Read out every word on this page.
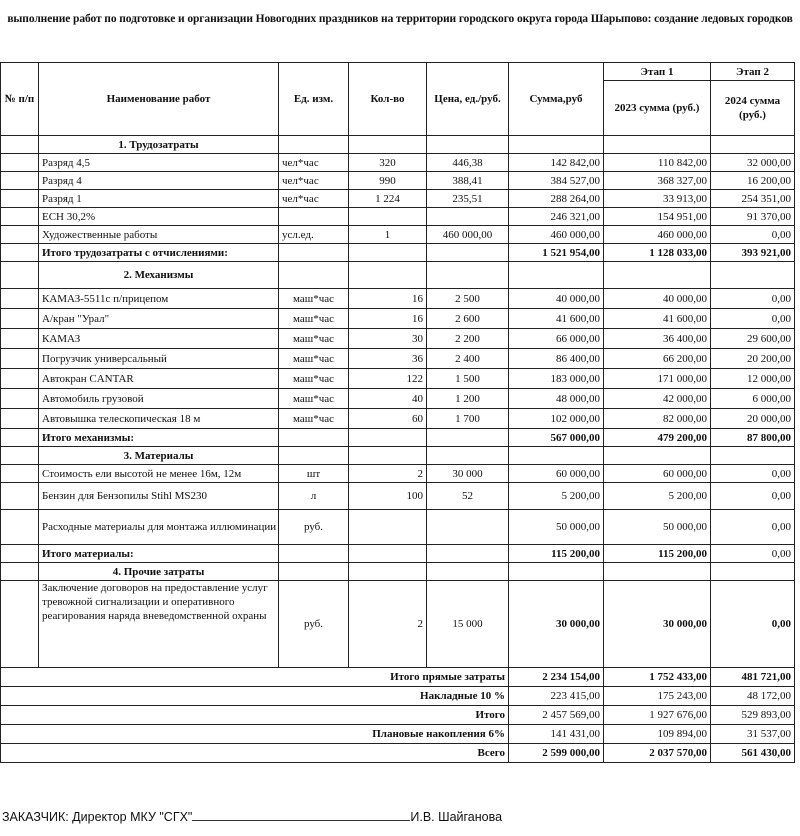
выполнение работ по подготовке и организации Новогодних праздников на территории городского округа города Шарыпово: создание ледовых городков
№ п/п	Наименование работ	Ед. изм.	Кол-во	Цена, ед./руб.	Сумма,руб	Этап 1	Этап 2
						2023 сумма (руб.)	2024 сумма (руб.)
	1. Трудозатраты						
	Разряд 4,5	чел*час	320	446,38	142 842,00	110 842,00	32 000,00
	Разряд 4	чел*час	990	388,41	384 527,00	368 327,00	16 200,00
	Разряд 1	чел*час	1 224	235,51	288 264,00	33 913,00	254 351,00
	ЕСН 30,2%				246 321,00	154 951,00	91 370,00
	Художественные работы	усл.ед.	1	460 000,00	460 000,00	460 000,00	0,00
	Итого трудозатраты с отчислениями:				1 521 954,00	1 128 033,00	393 921,00
	2. Механизмы						
	КАМАЗ-5511с п/прицепом	маш*час	16	2 500	40 000,00	40 000,00	0,00
	А/кран "Урал"	маш*час	16	2 600	41 600,00	41 600,00	0,00
	КАМАЗ	маш*час	30	2 200	66 000,00	36 400,00	29 600,00
	Погрузчик универсальный	маш*час	36	2 400	86 400,00	66 200,00	20 200,00
	Автокран CANTAR	маш*час	122	1 500	183 000,00	171 000,00	12 000,00
	Автомобиль грузовой	маш*час	40	1 200	48 000,00	42 000,00	6 000,00
	Автовышка телескопическая 18 м	маш*час	60	1 700	102 000,00	82 000,00	20 000,00
	Итого механизмы:				567 000,00	479 200,00	87 800,00
	3. Материалы						
	Стоимость ели высотой не менее 16м, 12м	шт	2	30 000	60 000,00	60 000,00	0,00
	Бензин для Бензопилы Stihl MS230	л	100	52	5 200,00	5 200,00	0,00
	Расходные материалы для монтажа иллюминации	руб.			50 000,00	50 000,00	0,00
	Итого материалы:				115 200,00	115 200,00	0,00
	4. Прочие затраты						
	Заключение договоров на предоставление услуг тревожной сигнализации и оперативного реагирования наряда вневедомственной охраны	руб.	2	15 000	30 000,00	30 000,00	0,00
Итого прямые затраты					2 234 154,00	1 752 433,00	481 721,00
Накладные 10 %					223 415,00	175 243,00	48 172,00
Итого					2 457 569,00	1 927 676,00	529 893,00
Плановые накопления 6%					141 431,00	109 894,00	31 537,00
Всего					2 599 000,00	2 037 570,00	561 430,00
ЗАКАЗЧИК: Директор МКУ "СГХ"	И.В. Шайганова
